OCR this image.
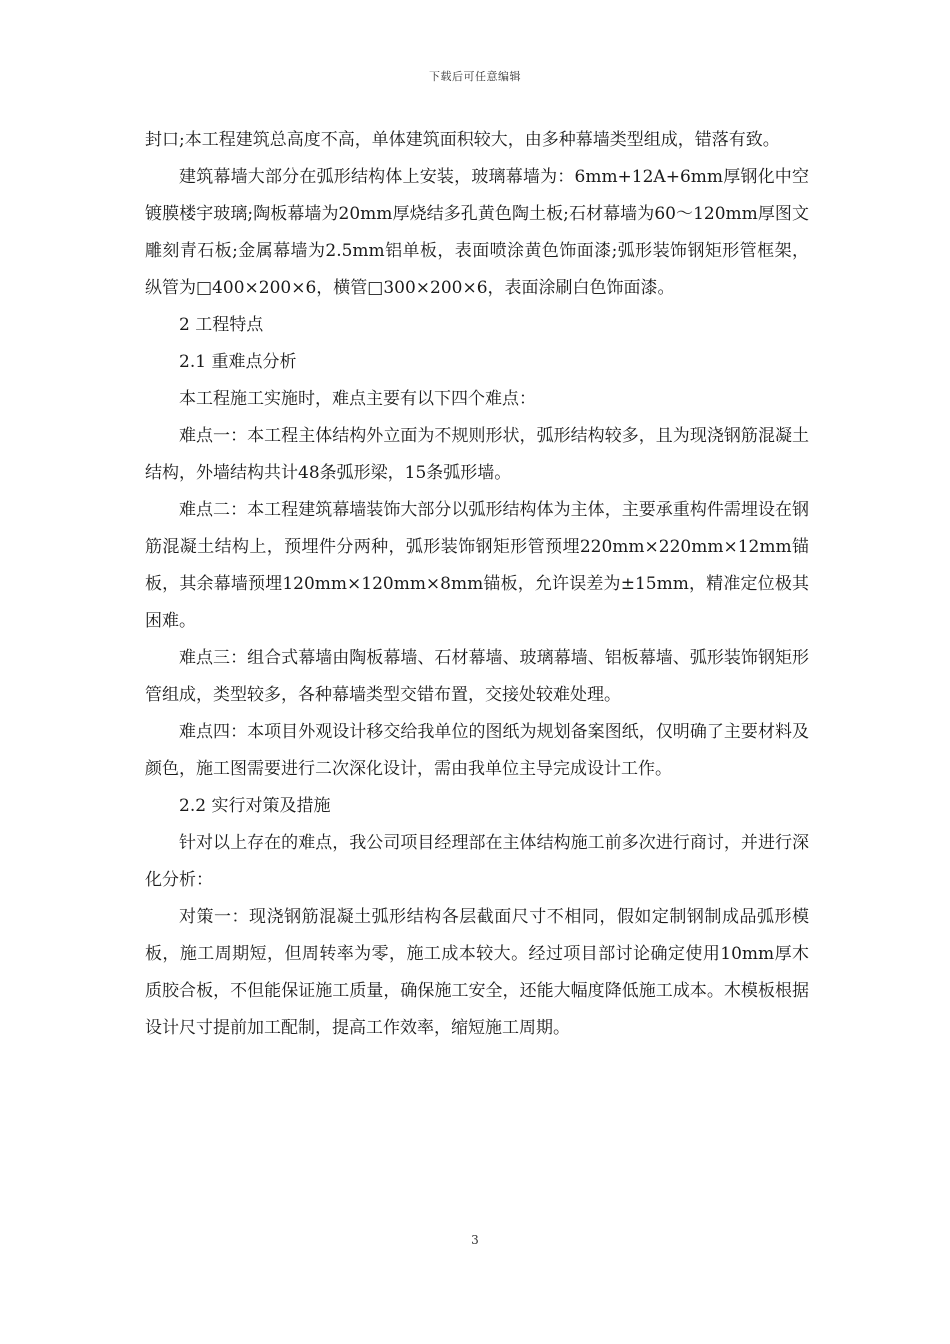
下载后可任意编辑

封口;本工程建筑总高度不高，单体建筑面积较大，由多种幕墙类型组成，错落有致。

建筑幕墙大部分在弧形结构体上安装，玻璃幕墙为：6mm+12A+6mm厚钢化中空镀膜楼宇玻璃;陶板幕墙为20mm厚烧结多孔黄色陶土板;石材幕墙为60～120mm厚图文雕刻青石板;金属幕墙为2.5mm铝单板，表面喷涂黄色饰面漆;弧形装饰钢矩形管框架，纵管为□400×200×6，横管□300×200×6，表面涂刷白色饰面漆。

2 工程特点

2.1 重难点分析

本工程施工实施时，难点主要有以下四个难点：

难点一：本工程主体结构外立面为不规则形状，弧形结构较多，且为现浇钢筋混凝土结构，外墙结构共计48条弧形梁，15条弧形墙。

难点二：本工程建筑幕墙装饰大部分以弧形结构体为主体，主要承重构件需埋设在钢筋混凝土结构上，预埋件分两种，弧形装饰钢矩形管预埋220mm×220mm×12mm锚板，其余幕墙预埋120mm×120mm×8mm锚板，允许误差为±15mm，精准定位极其困难。

难点三：组合式幕墙由陶板幕墙、石材幕墙、玻璃幕墙、铝板幕墙、弧形装饰钢矩形管组成，类型较多，各种幕墙类型交错布置，交接处较难处理。

难点四：本项目外观设计移交给我单位的图纸为规划备案图纸，仅明确了主要材料及颜色，施工图需要进行二次深化设计，需由我单位主导完成设计工作。

2.2 实行对策及措施

针对以上存在的难点，我公司项目经理部在主体结构施工前多次进行商讨，并进行深化分析：

对策一：现浇钢筋混凝土弧形结构各层截面尺寸不相同，假如定制钢制成品弧形模板，施工周期短，但周转率为零，施工成本较大。经过项目部讨论确定使用10mm厚木质胶合板，不但能保证施工质量，确保施工安全，还能大幅度降低施工成本。木模板根据设计尺寸提前加工配制，提高工作效率，缩短施工周期。

3
